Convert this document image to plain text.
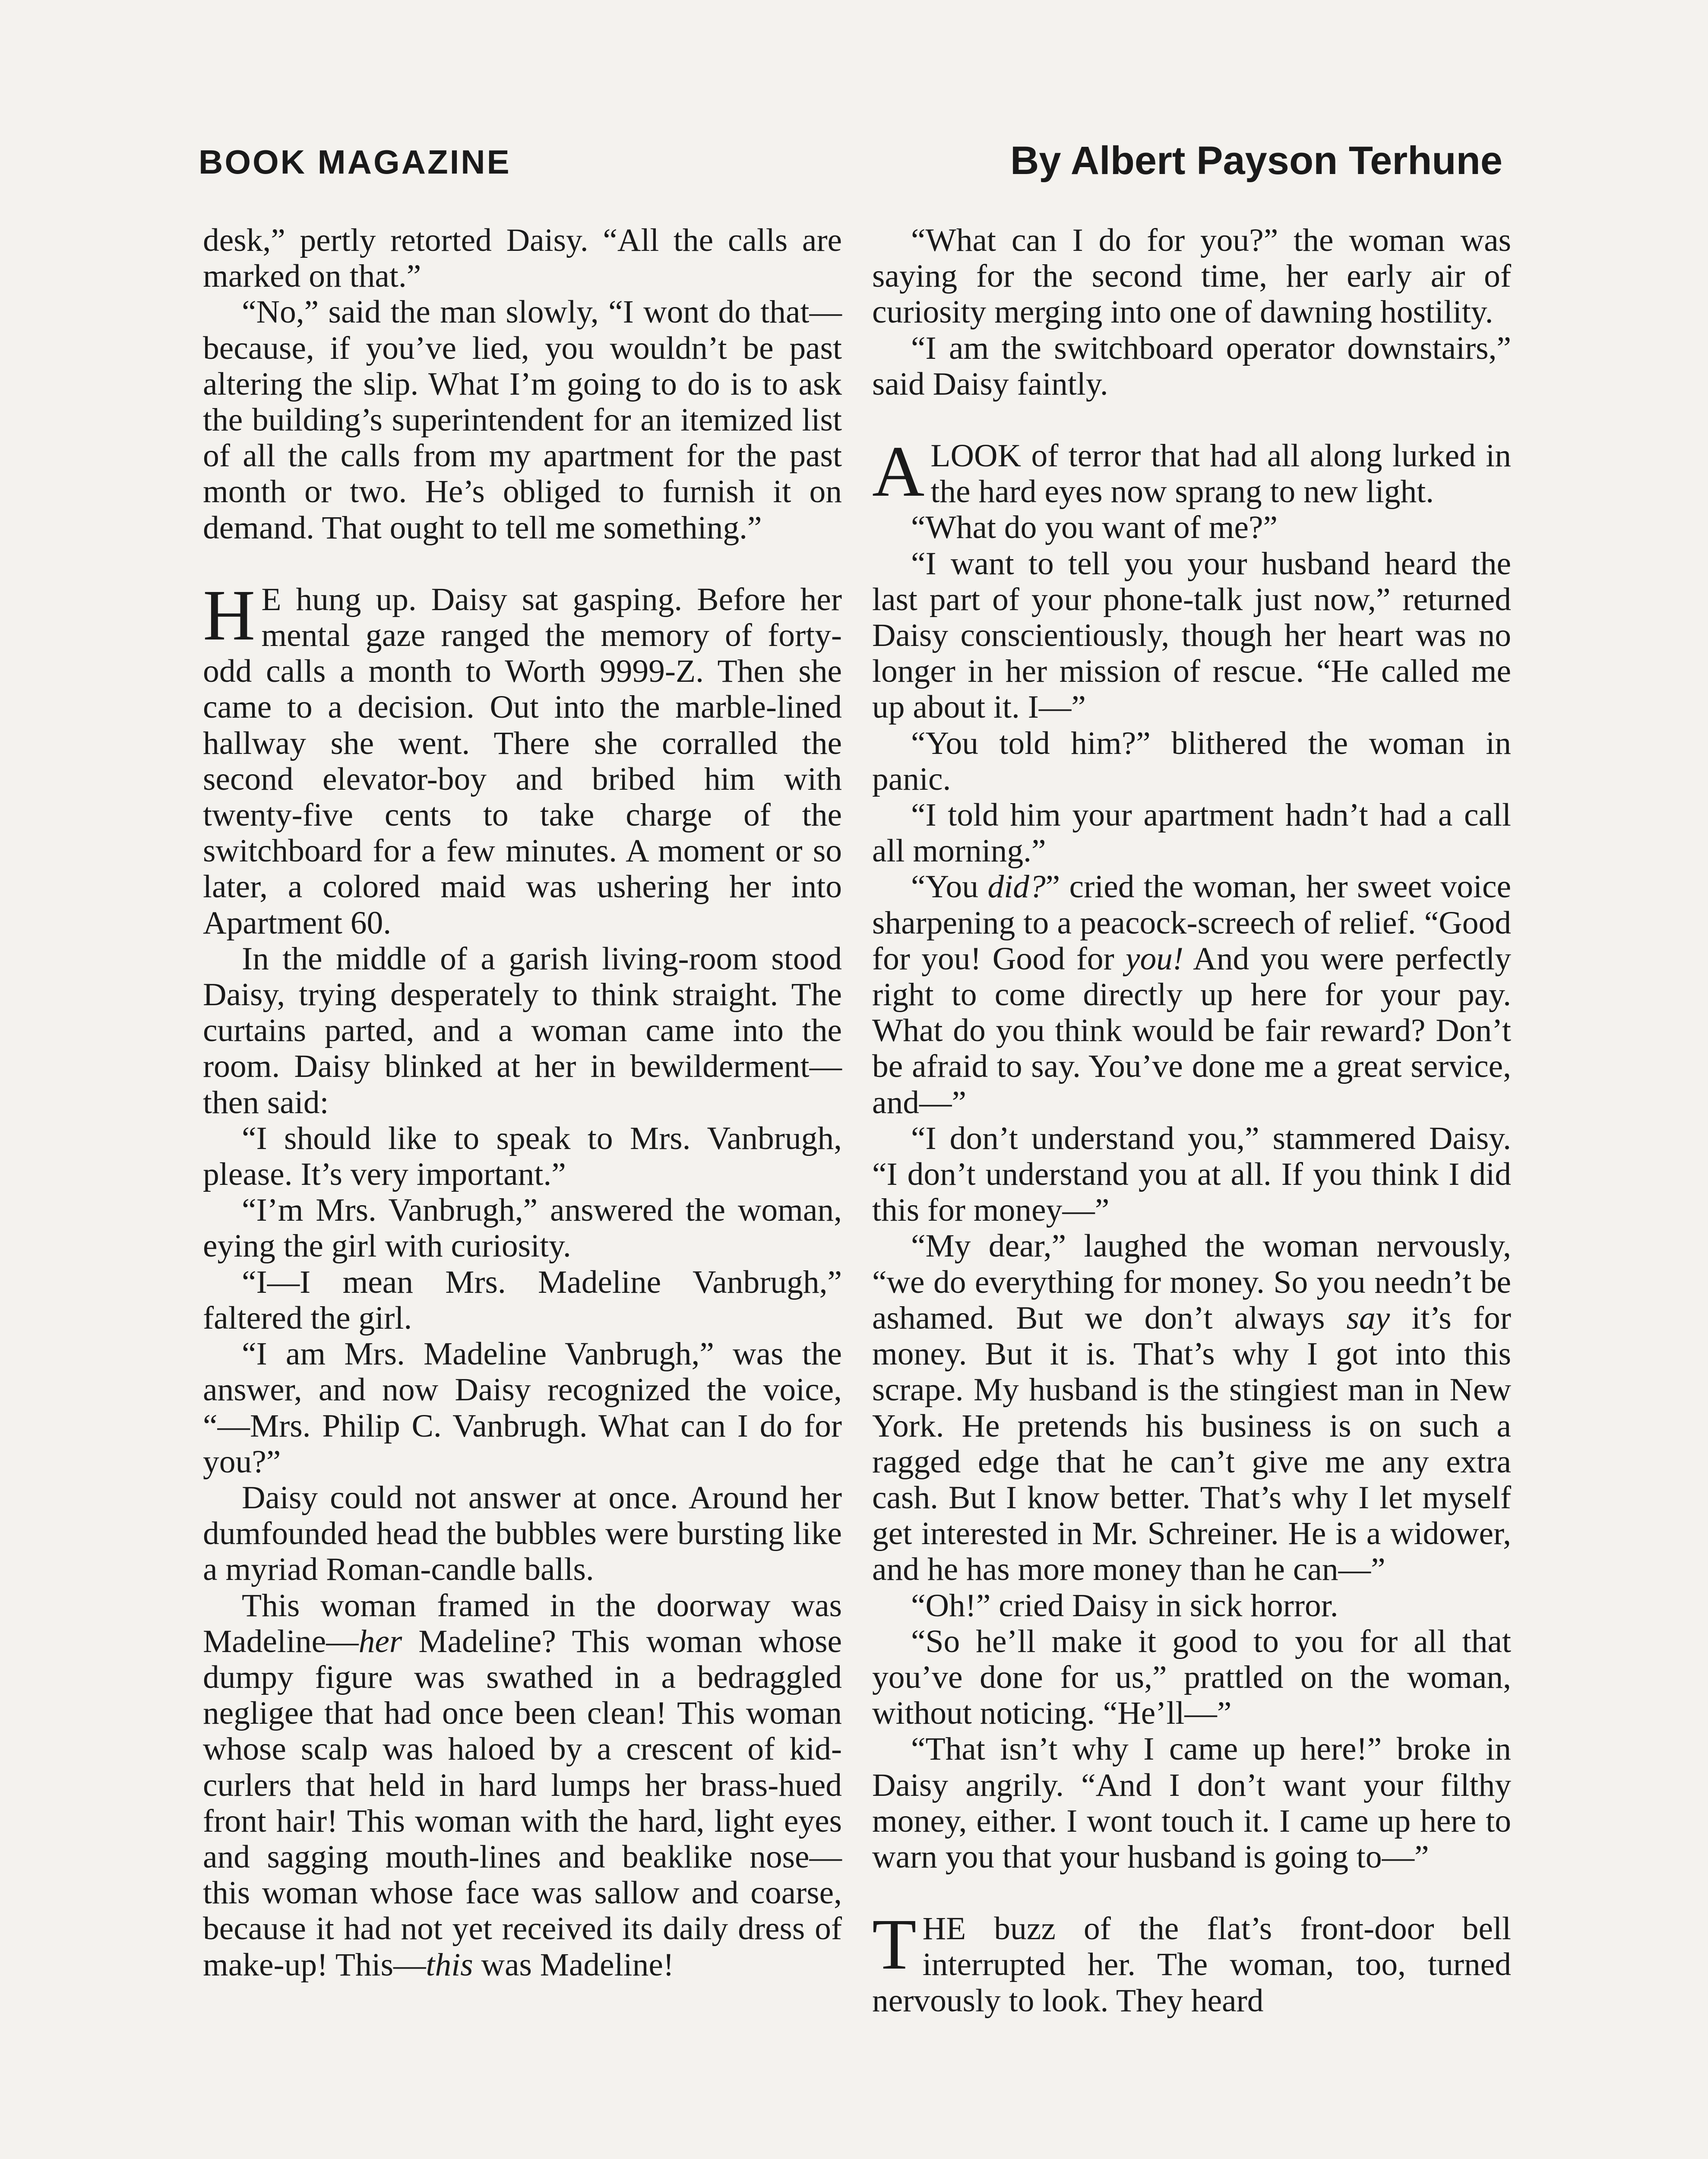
BOOK MAGAZINE	By Albert Payson Terhune

desk,” pertly retorted Daisy. “All the calls are marked on that.”

“No,” said the man slowly, “I wont do that—because, if you’ve lied, you wouldn’t be past altering the slip. What I’m going to do is to ask the building’s superintendent for an itemized list of all the calls from my apartment for the past month or two. He’s obliged to furnish it on demand. That ought to tell me something.”

H E hung up. Daisy sat gasping. Before her mental gaze ranged the memory of forty-odd calls a month to Worth 9999-Z. Then she came to a decision. Out into the marble-lined hallway she went. There she corralled the second elevator-boy and bribed him with twenty-five cents to take charge of the switchboard for a few minutes. A moment or so later, a colored maid was ushering her into Apartment 60.

In the middle of a garish living-room stood Daisy, trying desperately to think straight. The curtains parted, and a woman came into the room. Daisy blinked at her in bewilderment—then said:

“I should like to speak to Mrs. Vanbrugh, please. It’s very important.”

“I’m Mrs. Vanbrugh,” answered the woman, eying the girl with curiosity.

“I—I mean Mrs. Madeline Vanbrugh,” faltered the girl.

“I am Mrs. Madeline Vanbrugh,” was the answer, and now Daisy recognized the voice, “—Mrs. Philip C. Vanbrugh. What can I do for you?”

Daisy could not answer at once. Around her dumfounded head the bubbles were bursting like a myriad Roman-candle balls.

This woman framed in the doorway was Madeline—her Madeline? This woman whose dumpy figure was swathed in a bedraggled negligee that had once been clean! This woman whose scalp was haloed by a crescent of kid-curlers that held in hard lumps her brass-hued front hair! This woman with the hard, light eyes and sagging mouth-lines and beaklike nose—this woman whose face was sallow and coarse, because it had not yet received its daily dress of make-up! This—this was Madeline!

“What can I do for you?” the woman was saying for the second time, her early air of curiosity merging into one of dawning hostility.

“I am the switchboard operator downstairs,” said Daisy faintly.

ALOOK of terror that had all along lurked in the hard eyes now sprang to new light.

“What do you want of me?”

“I want to tell you your husband heard the last part of your phone-talk just now,” returned Daisy conscientiously, though her heart was no longer in her mission of rescue. “He called me up about it. I—”

“You told him?” blithered the woman in panic.

“I told him your apartment hadn’t had a call all morning.”

“You did?” cried the woman, her sweet voice sharpening to a peacock-screech of relief. “Good for you! Good for you! And you were perfectly right to come directly up here for your pay. What do you think would be fair reward? Don’t be afraid to say. You’ve done me a great service, and—”

“I don’t understand you,” stammered Daisy. “I don’t understand you at all. If you think I did this for money—”

“My dear,” laughed the woman nervously, “we do everything for money. So you needn’t be ashamed. But we don’t always say it’s for money. But it is. That’s why I got into this scrape. My husband is the stingiest man in New York. He pretends his business is on such a ragged edge that he can’t give me any extra cash. But I know better. That’s why I let myself get interested in Mr. Schreiner. He is a widower, and he has more money than he can—”

“Oh!” cried Daisy in sick horror.

“So he’ll make it good to you for all that you’ve done for us,” prattled on the woman, without noticing. “He’ll—”

“That isn’t why I came up here!” broke in Daisy angrily. “And I don’t want your filthy money, either. I wont touch it. I came up here to warn you that your husband is going to—”

THE buzz of the flat’s front-door bell interrupted her. The woman, too, turned nervously to look. They heard
